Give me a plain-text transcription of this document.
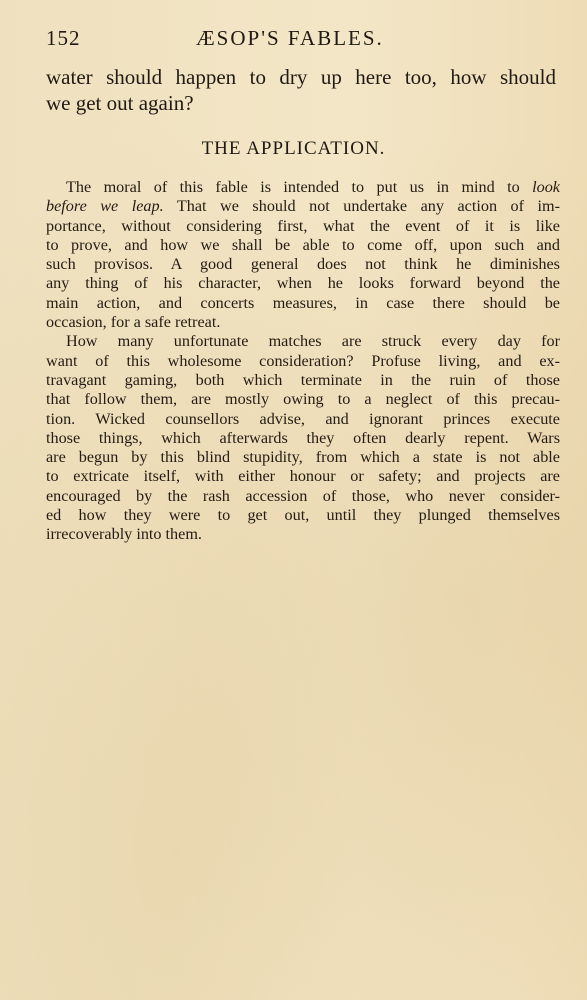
152	ÆSOP'S FABLES.
water should happen to dry up here too, how should
we get out again?
THE APPLICATION.
The moral of this fable is intended to put us in mind to look
before we leap. That we should not undertake any action of im-
portance, without considering first, what the event of it is like
to prove, and how we shall be able to come off, upon such and
such provisos. A good general does not think he diminishes
any thing of his character, when he looks forward beyond the
main action, and concerts measures, in case there should be
occasion, for a safe retreat.
How many unfortunate matches are struck every day for
want of this wholesome consideration? Profuse living, and ex-
travagant gaming, both which terminate in the ruin of those
that follow them, are mostly owing to a neglect of this precau-
tion. Wicked counsellors advise, and ignorant princes execute
those things, which afterwards they often dearly repent. Wars
are begun by this blind stupidity, from which a state is not able
to extricate itself, with either honour or safety; and projects are
encouraged by the rash accession of those, who never consider-
ed how they were to get out, until they plunged themselves
irrecoverably into them.
